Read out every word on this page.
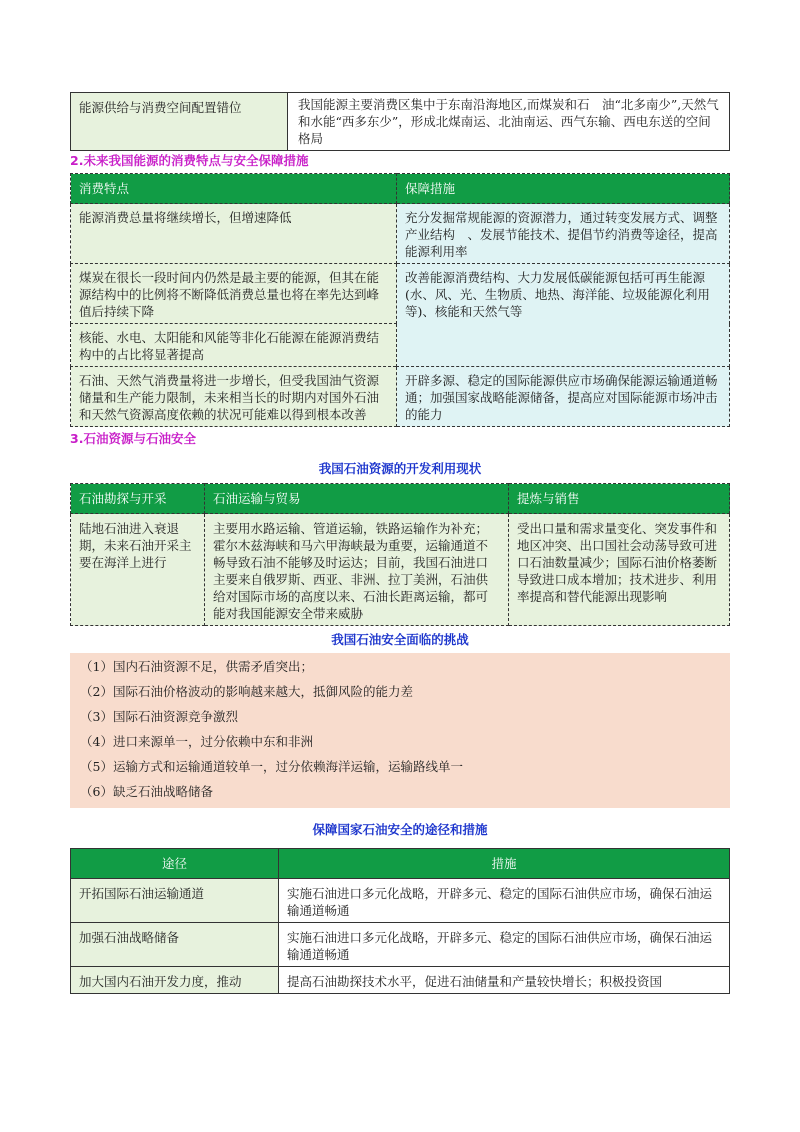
能源供给与消费空间配置错位	我国能源主要消费区集中于东南沿海地区,而煤炭和石　油“北多南少”,天然气和水能“西多东少”，形成北煤南运、北油南运、西气东输、西电东送的空间格局
2.未来我国能源的消费特点与安全保障措施
消费特点	保障措施
能源消费总量将继续增长，但增速降低	充分发掘常规能源的资源潜力，通过转变发展方式、调整产业结构　、发展节能技术、提倡节约消费等途径，提高能源利用率
煤炭在很长一段时间内仍然是最主要的能源，但其在能源结构中的比例将不断降低消费总量也将在率先达到峰值后持续下降	改善能源消费结构、大力发展低碳能源包括可再生能源(水、风、光、生物质、地热、海洋能、垃圾能源化利用等)、核能和天然气等
核能、水电、太阳能和风能等非化石能源在能源消费结构中的占比将显著提高	
石油、天然气消费量将进一步增长，但受我国油气资源储量和生产能力限制，未来相当长的时期内对国外石油和天然气资源高度依赖的状况可能难以得到根本改善	开辟多源、稳定的国际能源供应市场确保能源运输通道畅通；加强国家战略能源储备，提高应对国际能源市场冲击的能力
3.石油资源与石油安全
我国石油资源的开发利用现状
石油勘探与开采	石油运输与贸易	提炼与销售
陆地石油进入衰退期，未来石油开采主要在海洋上进行	主要用水路运输、管道运输，铁路运输作为补充；霍尔木兹海峡和马六甲海峡最为重要，运输通道不畅导致石油不能够及时运达；目前，我国石油进口主要来自俄罗斯、西亚、非洲、拉丁美洲，石油供给对国际市场的高度以来、石油长距离运输，都可能对我国能源安全带来威胁	受出口量和需求量变化、突发事件和地区冲突、出口国社会动荡导致可进口石油数量减少；国际石油价格萎断导致进口成本增加；技术进步、利用率提高和替代能源出现影响
我国石油安全面临的挑战
（1）国内石油资源不足，供需矛盾突出；
（2）国际石油价格波动的影响越来越大，抵御风险的能力差
（3）国际石油资源竞争激烈
（4）进口来源单一，过分依赖中东和非洲
（5）运输方式和运输通道较单一，过分依赖海洋运输，运输路线单一
（6）缺乏石油战略储备
保障国家石油安全的途径和措施
途径	措施
开拓国际石油运输通道	实施石油进口多元化战略，开辟多元、稳定的国际石油供应市场，确保石油运输通道畅通
加强石油战略储备	实施石油进口多元化战略，开辟多元、稳定的国际石油供应市场，确保石油运输通道畅通
加大国内石油开发力度，推动	提高石油勘探技术水平，促进石油储量和产量较快增长；积极投资国
